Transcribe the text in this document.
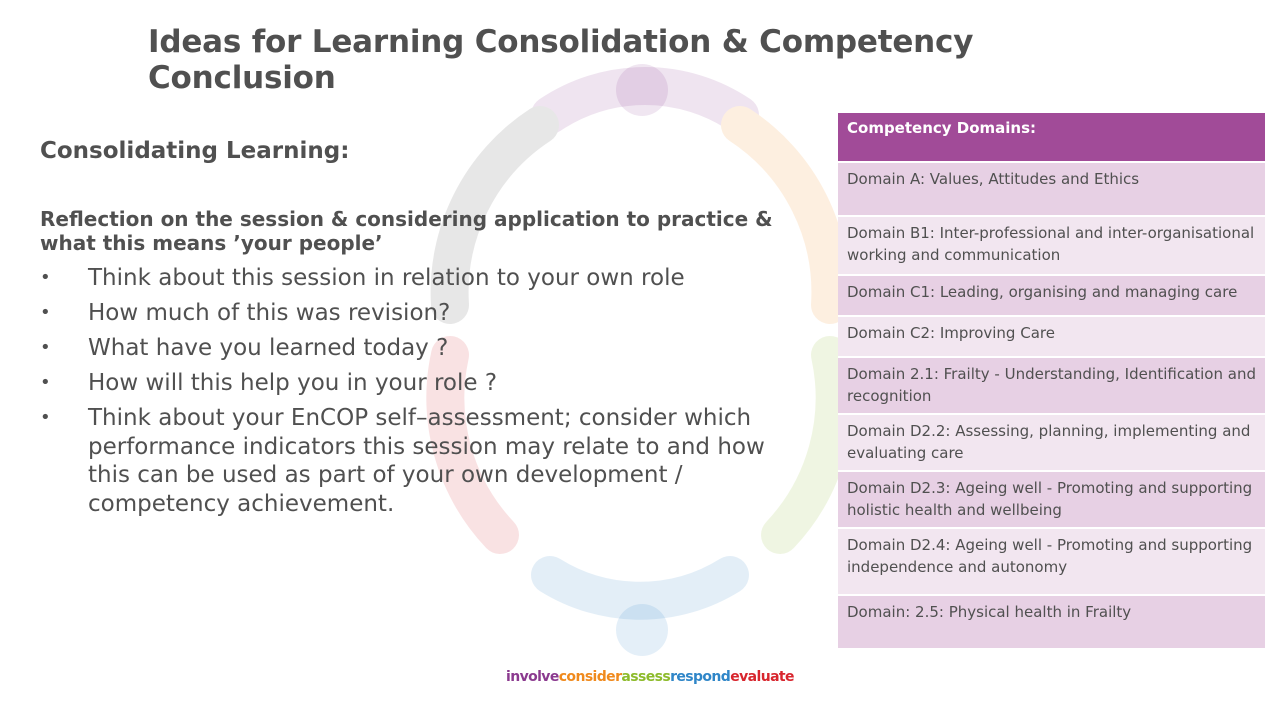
Ideas for Learning Consolidation & Competency Conclusion
Consolidating Learning:

Reflection on the session & considering application to practice & what this means ’your people’

• Think about this session in relation to your own role
• How much of this was revision?
• What have you learned today ?
• How will this help you in your role ?
• Think about your EnCOP self–assessment; consider which performance indicators this session may relate to and how this can be used as part of your own development / competency achievement.
Competency Domains:
Domain A: Values, Attitudes and Ethics
Domain B1: Inter-professional and inter-organisational working and communication
Domain C1: Leading, organising and managing care
Domain C2: Improving Care
Domain 2.1: Frailty - Understanding, Identification and recognition
Domain D2.2: Assessing, planning, implementing and evaluating care
Domain D2.3: Ageing well - Promoting and supporting holistic health and wellbeing
Domain D2.4: Ageing well - Promoting and supporting independence and autonomy
Domain: 2.5: Physical health in Frailty
involveconsiderassessrespondevaluate
